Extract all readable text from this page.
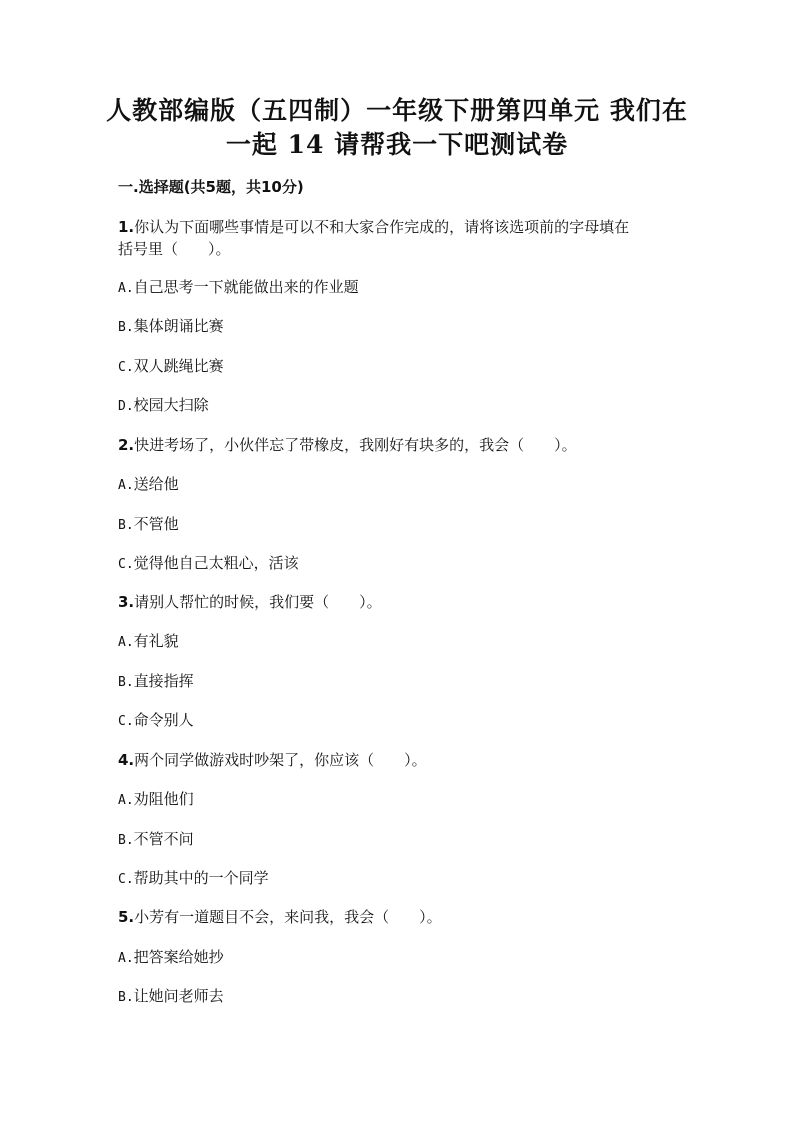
人教部编版（五四制）一年级下册第四单元 我们在
一起 14 请帮我一下吧测试卷
一.选择题(共5题，共10分)
1.你认为下面哪些事情是可以不和大家合作完成的，请将该选项前的字母填在
括号里（　　）。
A.自己思考一下就能做出来的作业题
B.集体朗诵比赛
C.双人跳绳比赛
D.校园大扫除
2.快进考场了，小伙伴忘了带橡皮，我刚好有块多的，我会（　　）。
A.送给他
B.不管他
C.觉得他自己太粗心，活该
3.请别人帮忙的时候，我们要（　　）。
A.有礼貌
B.直接指挥
C.命令别人
4.两个同学做游戏时吵架了，你应该（　　）。
A.劝阻他们
B.不管不问
C.帮助其中的一个同学
5.小芳有一道题目不会，来问我，我会（　　）。
A.把答案给她抄
B.让她问老师去
